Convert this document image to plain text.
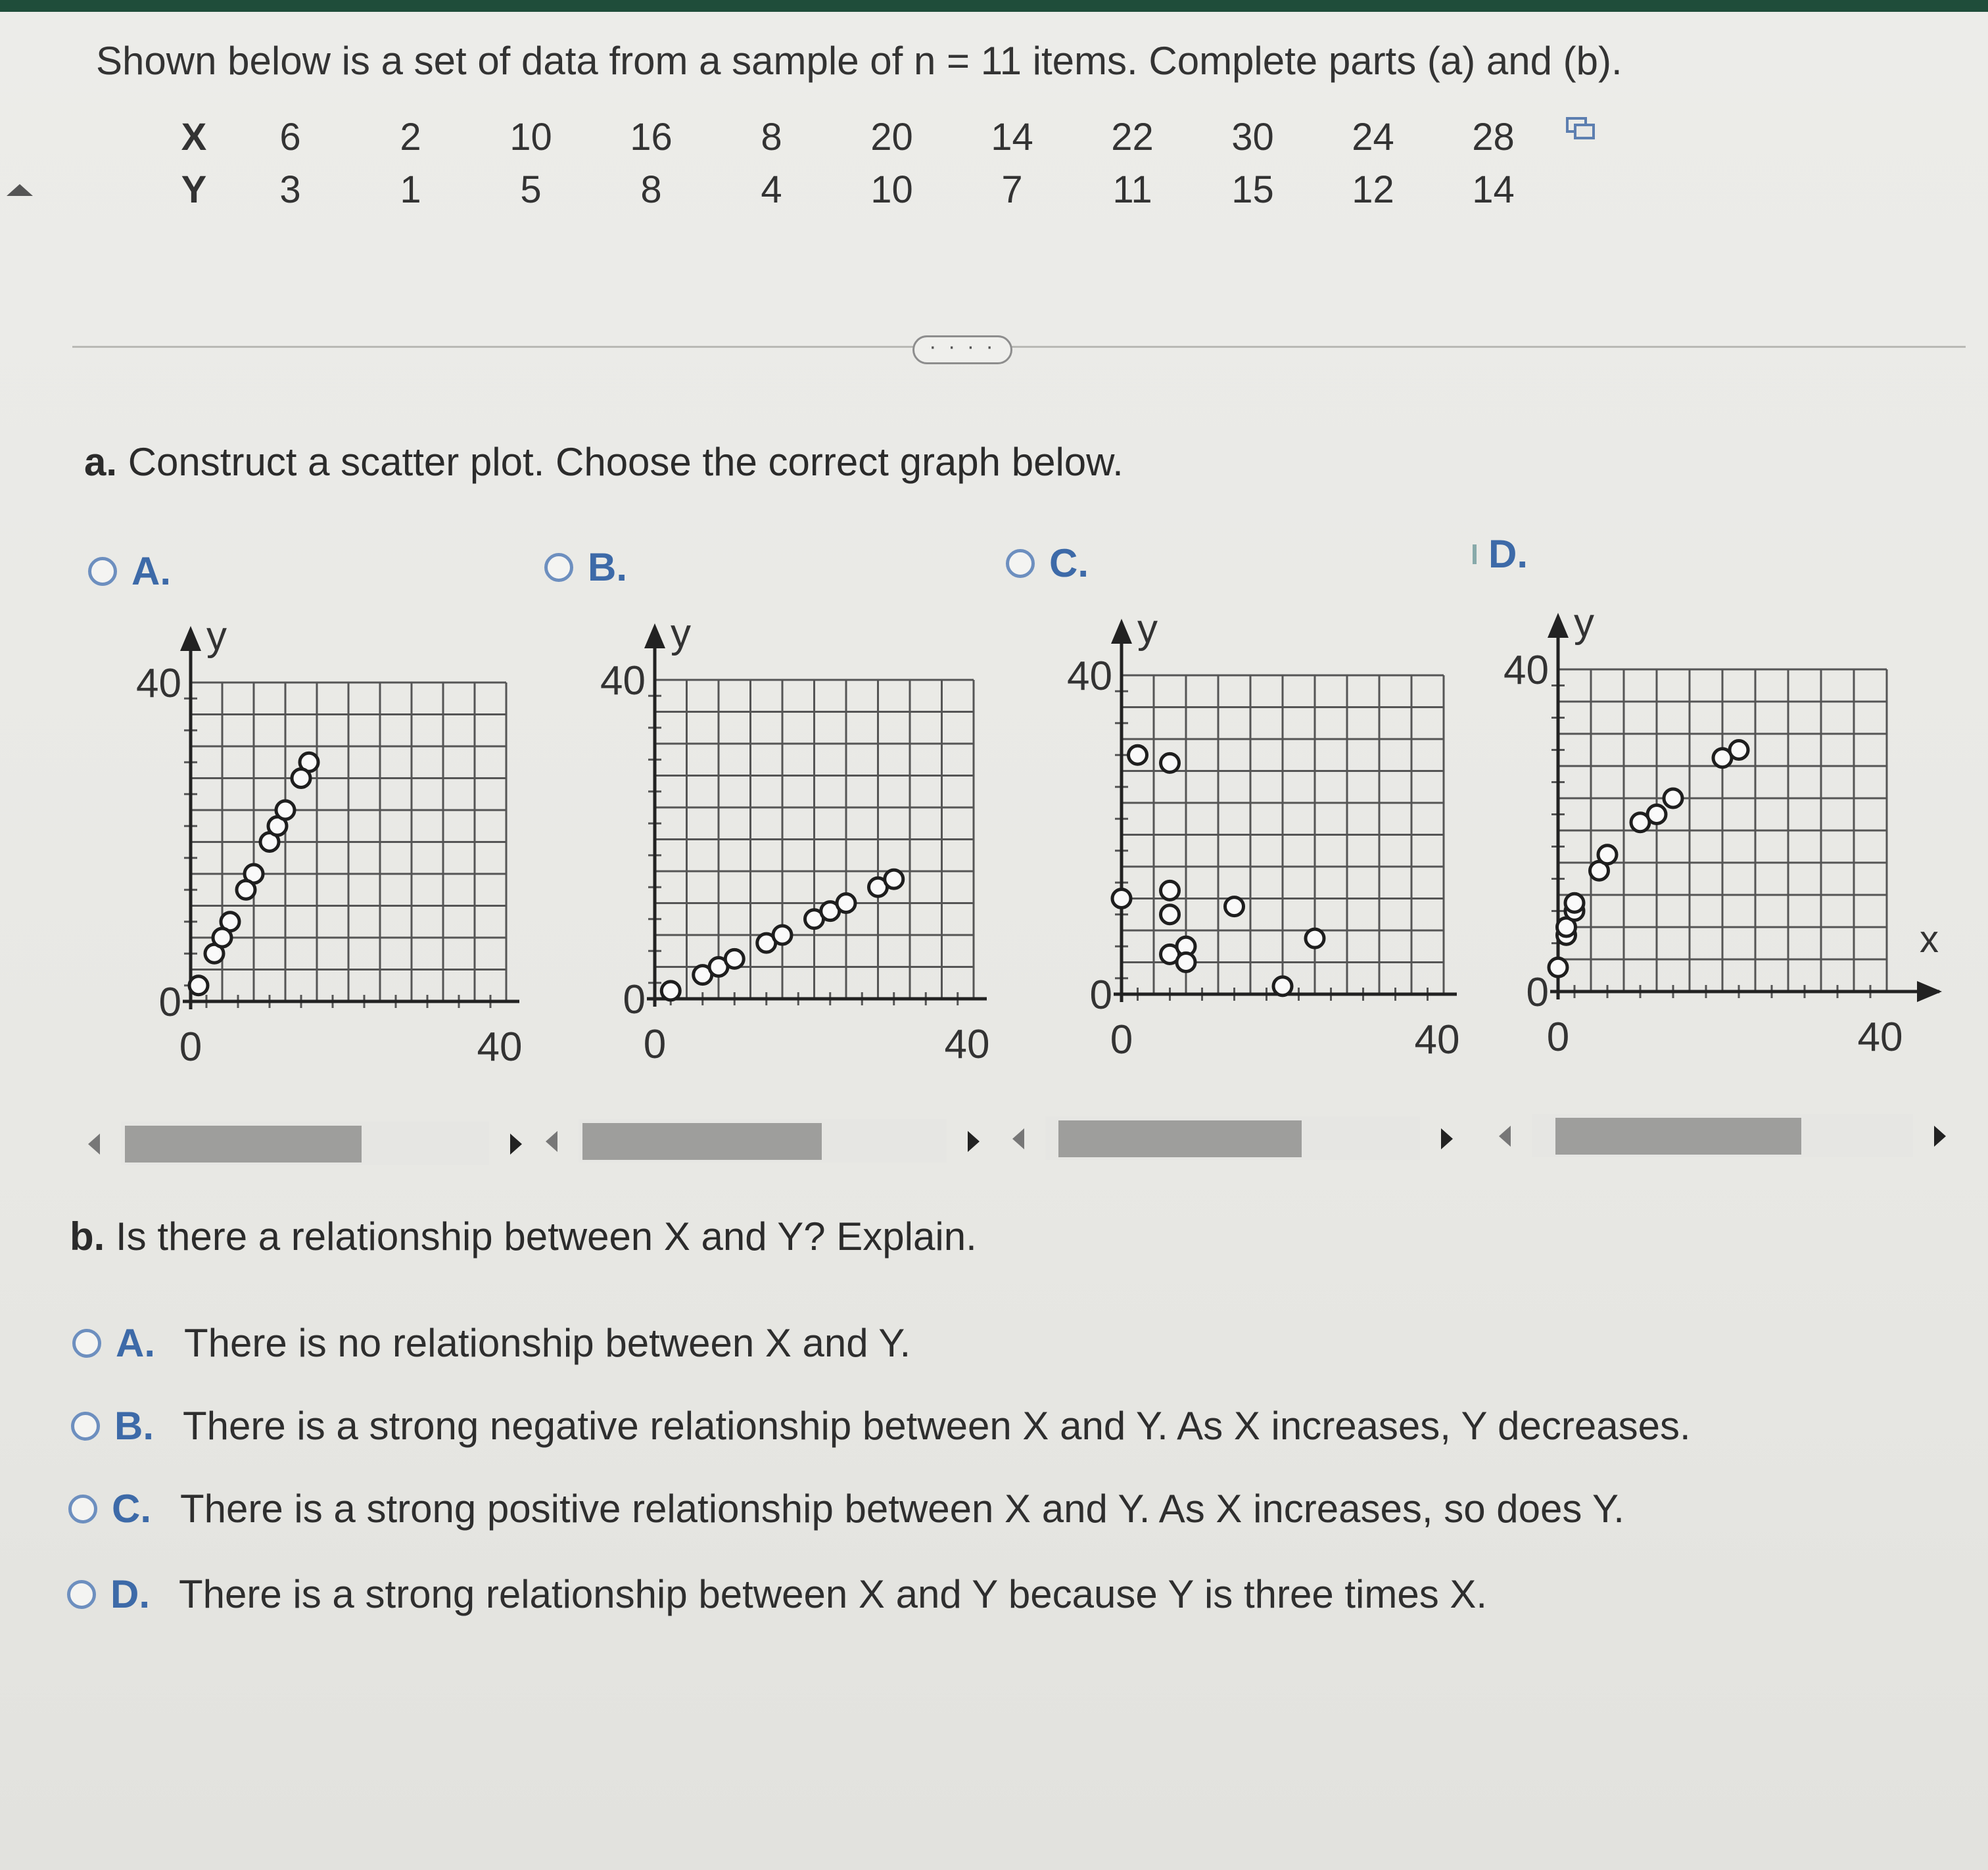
Shown below is a set of data from a sample of n = 11 items. Complete parts (a) and (b).
X	6	2	10	16	8	20	14	22	30	24	28
Y	3	1	5	8	4	10	7	11	15	12	14
· · · ·
a. Construct a scatter plot. Choose the correct graph below.
A.	B.	C.	D.
y
40
0
0	40
y
40
0
0	40
y
40
0
0	40
x
y
40
0
0	40
b. Is there a relationship between X and Y? Explain.
A. There is no relationship between X and Y.
B. There is a strong negative relationship between X and Y. As X increases, Y decreases.
C. There is a strong positive relationship between X and Y. As X increases, so does Y.
D. There is a strong relationship between X and Y because Y is three times X.
